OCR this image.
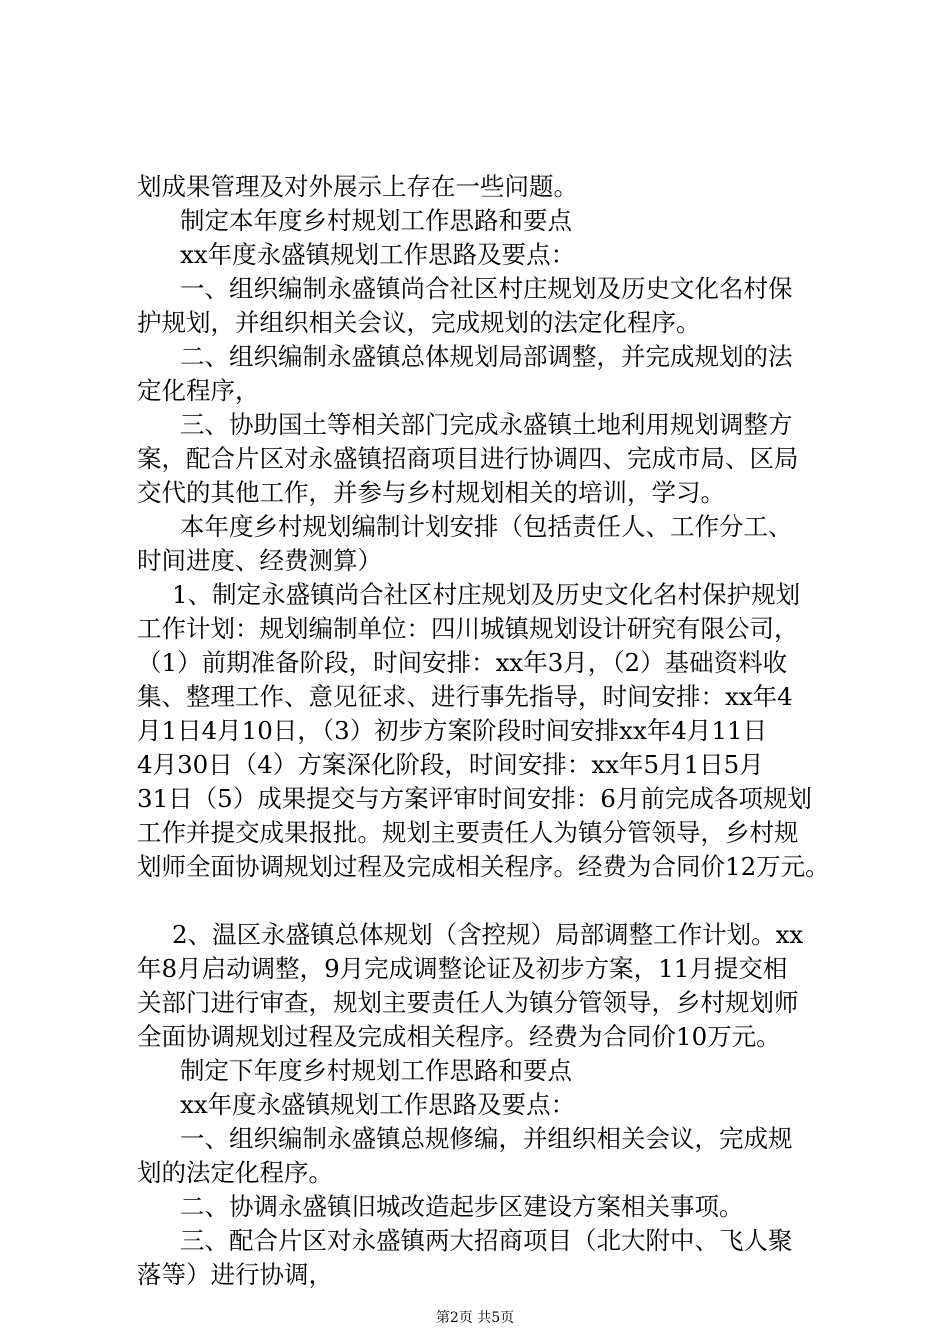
划成果管理及对外展示上存在一些问题。
制定本年度乡村规划工作思路和要点
xx年度永盛镇规划工作思路及要点：
一、组织编制永盛镇尚合社区村庄规划及历史文化名村保
护规划，并组织相关会议，完成规划的法定化程序。
二、组织编制永盛镇总体规划局部调整，并完成规划的法
定化程序，
三、协助国土等相关部门完成永盛镇土地利用规划调整方
案，配合片区对永盛镇招商项目进行协调四、完成市局、区局
交代的其他工作，并参与乡村规划相关的培训，学习。
本年度乡村规划编制计划安排（包括责任人、工作分工、
时间进度、经费测算）
1、制定永盛镇尚合社区村庄规划及历史文化名村保护规划
工作计划：规划编制单位：四川城镇规划设计研究有限公司，
（1）前期准备阶段，时间安排：xx年3月，（2）基础资料收
集、整理工作、意见征求、进行事先指导，时间安排：xx年4
月1日4月10日，（3）初步方案阶段时间安排xx年4月11日
4月30日（4）方案深化阶段，时间安排：xx年5月1日5月
31日（5）成果提交与方案评审时间安排：6月前完成各项规划
工作并提交成果报批。规划主要责任人为镇分管领导，乡村规
划师全面协调规划过程及完成相关程序。经费为合同价12万元。
2、温区永盛镇总体规划（含控规）局部调整工作计划。xx
年8月启动调整，9月完成调整论证及初步方案，11月提交相
关部门进行审查，规划主要责任人为镇分管领导，乡村规划师
全面协调规划过程及完成相关程序。经费为合同价10万元。
制定下年度乡村规划工作思路和要点
xx年度永盛镇规划工作思路及要点：
一、组织编制永盛镇总规修编，并组织相关会议，完成规
划的法定化程序。
二、协调永盛镇旧城改造起步区建设方案相关事项。
三、配合片区对永盛镇两大招商项目（北大附中、飞人聚
落等）进行协调，
第2页 共5页
